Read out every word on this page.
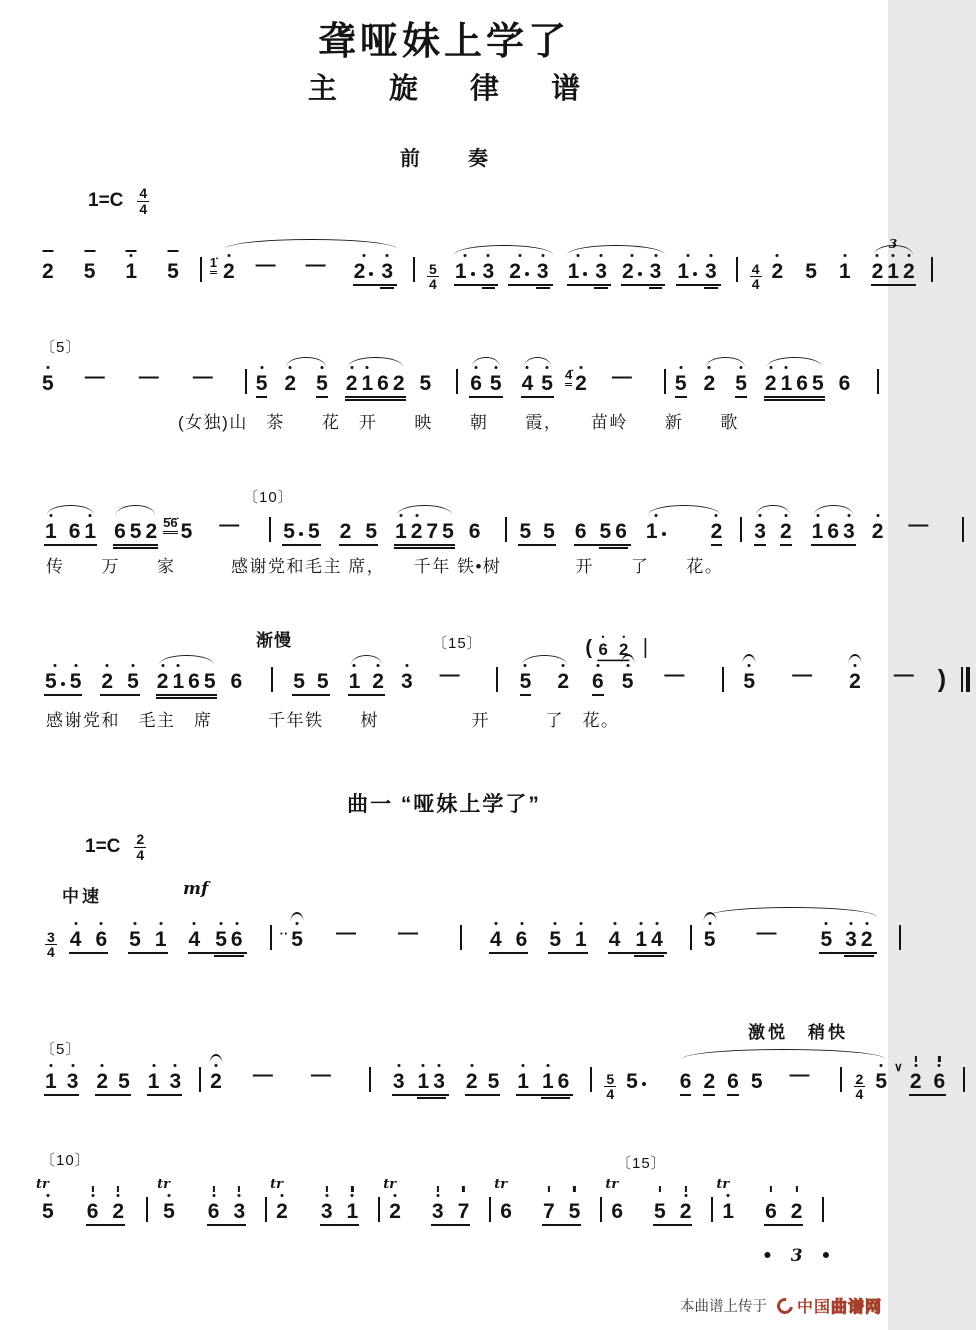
聋哑妹上学了
主 旋 律 谱
前　奏
$1=C \frac{4}{4}$
曲一 “哑妹上学了”
$1=C \frac{2}{4}$
中速	mf
激悦　稍快
2 5 1 5 1̇ 2 — — 2 $3 \frac{5}{4} 1$ 3 2 3 1 3 2 3 1 $3 \frac{4}{4} 2$ 5 1 2 1 2
3
5 — — — 5 2 5 2 1 6 2 5 6 5 4 5 4̇ 2 — 5 2 5 2 1 6 5 6
1 6 1 6 5 2 5̇6̇ 5 — 5 5 2 5 1 2 7 5 6 5 5 6 5 6 1	2 3 2 1 6 3 2 —
5 5 2 5 2 1 6 5 6 5 5 1 2 3 —	5 2 6 5 —	5 — 2 — )
$\frac{3}{4} 4$ 6 5 1 4 5 6	·· 5 — —	4 6 5 1 4 1 4 5 — 5 3 2
1 3 2 5 1 3 2 — —	3 1 3 2 5 1 1 6	$\frac{5}{4} 5$	6 2 6 5 —	$\frac{2}{4} 5$
∨
2 6
5
tr
6 2 5
tr
6 3 2
tr
3 1 2
tr
3 7 6
tr
7 5 6
tr
5 2 1
tr
6 2
〔5〕
〔10〕
渐慢	〔15〕	( 6 2
〔5〕
〔10〕	〔15〕
(女独)山　茶　　花　开　　映　　朝　　霞，　　苗岭　　新　　歌
传　　万　　家　　　感谢党和毛主 席，　　千年 铁•树　　　　开　　了　　花。
感谢党和　毛主　席　　　千年铁　　树　　　　　开　　　了　花。
• 3 •
本曲谱上传于 中国 曲谱网
